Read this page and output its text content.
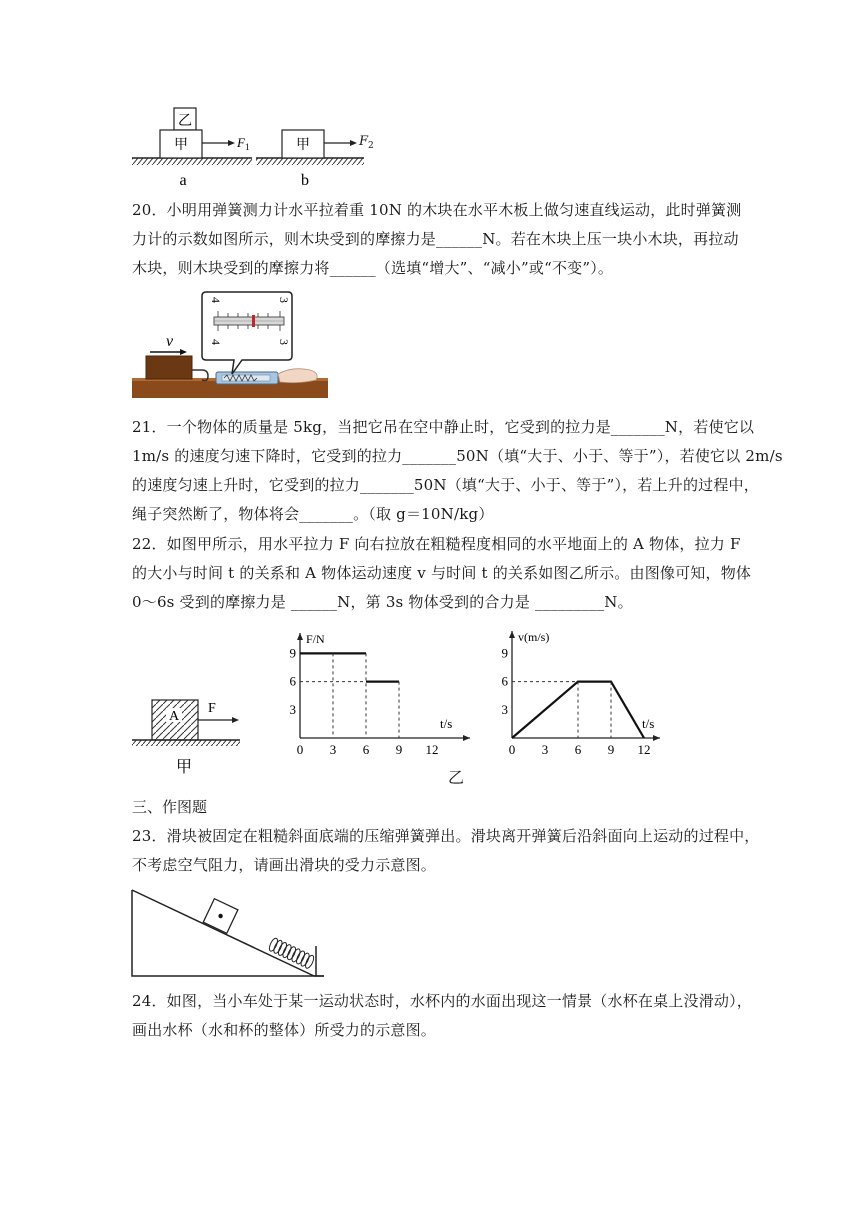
乙
甲	F 1
a
甲
b
$F_2$

20．小明用弹簧测力计水平拉着重 10N 的木块在水平木板上做匀速直线运动，此时弹簧测

力计的示数如图所示，则木块受到的摩擦力是______N。若在木块上压一块小木块，再拉动

木块，则木块受到的摩擦力将______（选填“增大”、“减小”或“不变”）。

v
4	3
4	3

21．一个物体的质量是 5kg，当把它吊在空中静止时，它受到的拉力是_______N，若使它以

1m/s 的速度匀速下降时，它受到的拉力_______50N（填“大于、小于、等于”），若使它以 2m/s

的速度匀速上升时，它受到的拉力_______50N（填“大于、小于、等于”），若上升的过程中，

绳子突然断了，物体将会_______。（取 g＝10N/kg）

22．如图甲所示，用水平拉力 F 向右拉放在粗糙程度相同的水平地面上的 A 物体，拉力 F

的大小与时间 t 的关系和 A 物体运动速度 v 与时间 t 的关系如图乙所示。由图像可知，物体

0～6s 受到的摩擦力是 ______N，第 3s 物体受到的合力是 _________N。

A
F
甲
F/N
t/s
0 3 6 9 12
3
6
9
v(m/s)
t/s
0 3 6 9 12
3
6
9
乙
三、作图题

23．滑块被固定在粗糙斜面底端的压缩弹簧弹出。滑块离开弹簧后沿斜面向上运动的过程中，

不考虑空气阻力，请画出滑块的受力示意图。

24．如图，当小车处于某一运动状态时，水杯内的水面出现这一情景（水杯在桌上没滑动），

画出水杯（水和杯的整体）所受力的示意图。
